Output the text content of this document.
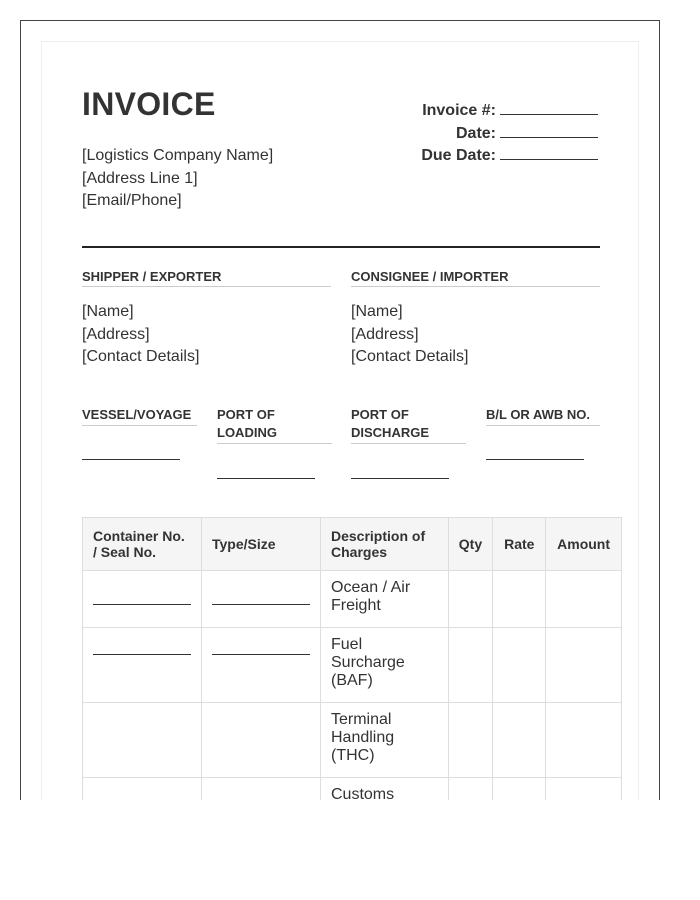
INVOICE
[Logistics Company Name]
[Address Line 1]
[Email/Phone]
Invoice #:
Date:
Due Date:
SHIPPER / EXPORTER
[Name]
[Address]
[Contact Details]
CONSIGNEE / IMPORTER
[Name]
[Address]
[Contact Details]
VESSEL/VOYAGE	PORT OF LOADING
PORT OF DISCHARGE
B/L OR AWB NO.
Container No. / Seal No.	Type/Size	Description of Charges	Qty	Rate	Amount
		Ocean / Air Freight			
		Fuel Surcharge (BAF)			
		Terminal Handling (THC)			
		Customs			
